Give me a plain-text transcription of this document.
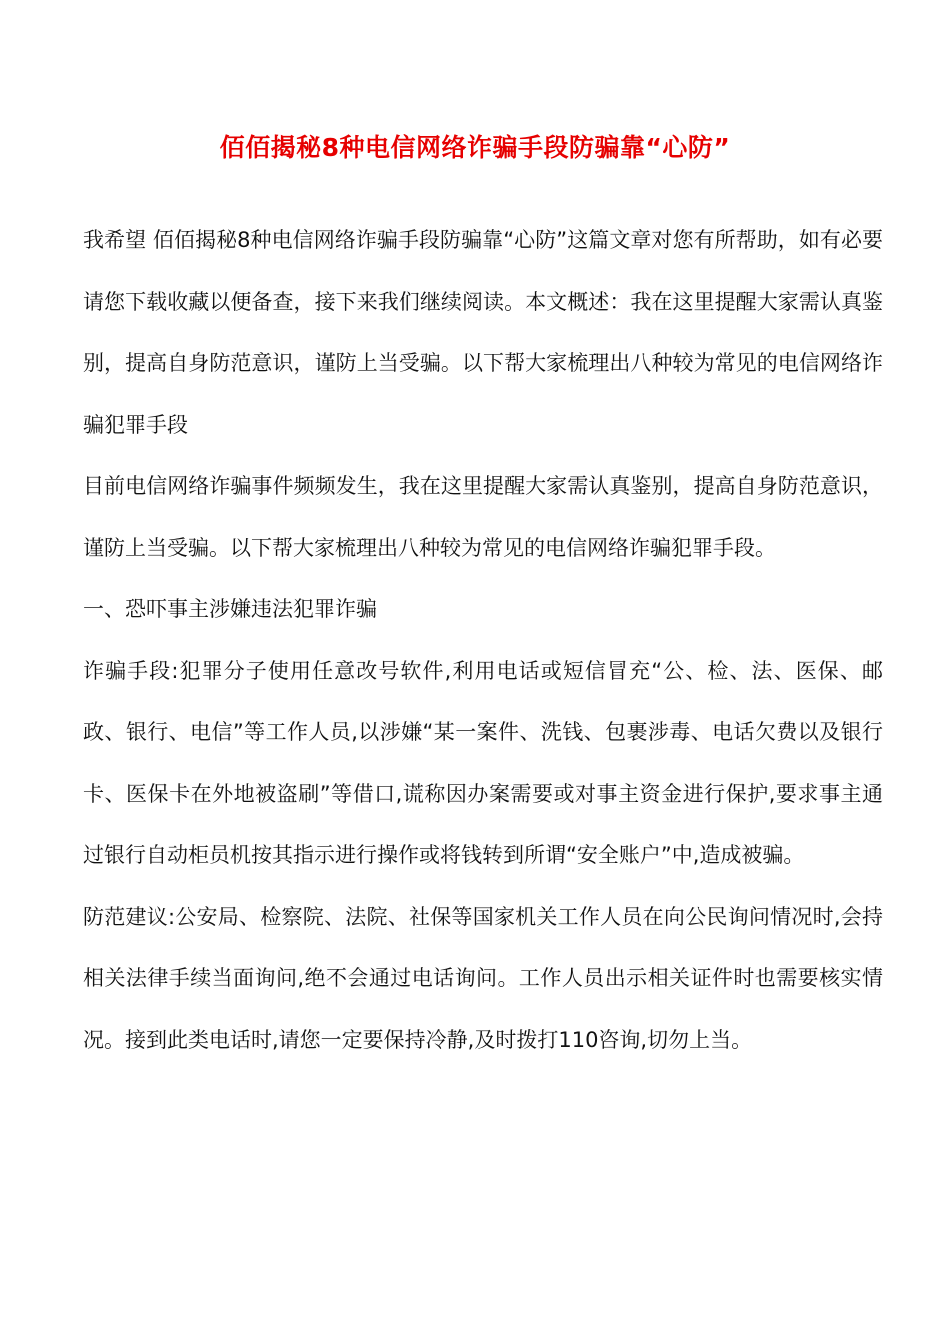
佰佰揭秘8种电信网络诈骗手段防骗靠“心防”

我希望 佰佰揭秘8种电信网络诈骗手段防骗靠“心防”这篇文章对您有所帮助，如有必要请您下载收藏以便备查，接下来我们继续阅读。本文概述：我在这里提醒大家需认真鉴别，提高自身防范意识，谨防上当受骗。以下帮大家梳理出八种较为常见的电信网络诈骗犯罪手段

目前电信网络诈骗事件频频发生，我在这里提醒大家需认真鉴别，提高自身防范意识，谨防上当受骗。以下帮大家梳理出八种较为常见的电信网络诈骗犯罪手段。

一、恐吓事主涉嫌违法犯罪诈骗

诈骗手段:犯罪分子使用任意改号软件,利用电话或短信冒充“公、检、法、医保、邮政、银行、电信”等工作人员,以涉嫌“某一案件、洗钱、包裹涉毒、电话欠费以及银行卡、医保卡在外地被盗刷”等借口,谎称因办案需要或对事主资金进行保护,要求事主通过银行自动柜员机按其指示进行操作或将钱转到所谓“安全账户”中,造成被骗。

防范建议:公安局、检察院、法院、社保等国家机关工作人员在向公民询问情况时,会持相关法律手续当面询问,绝不会通过电话询问。工作人员出示相关证件时也需要核实情况。接到此类电话时,请您一定要保持冷静,及时拨打110咨询,切勿上当。
